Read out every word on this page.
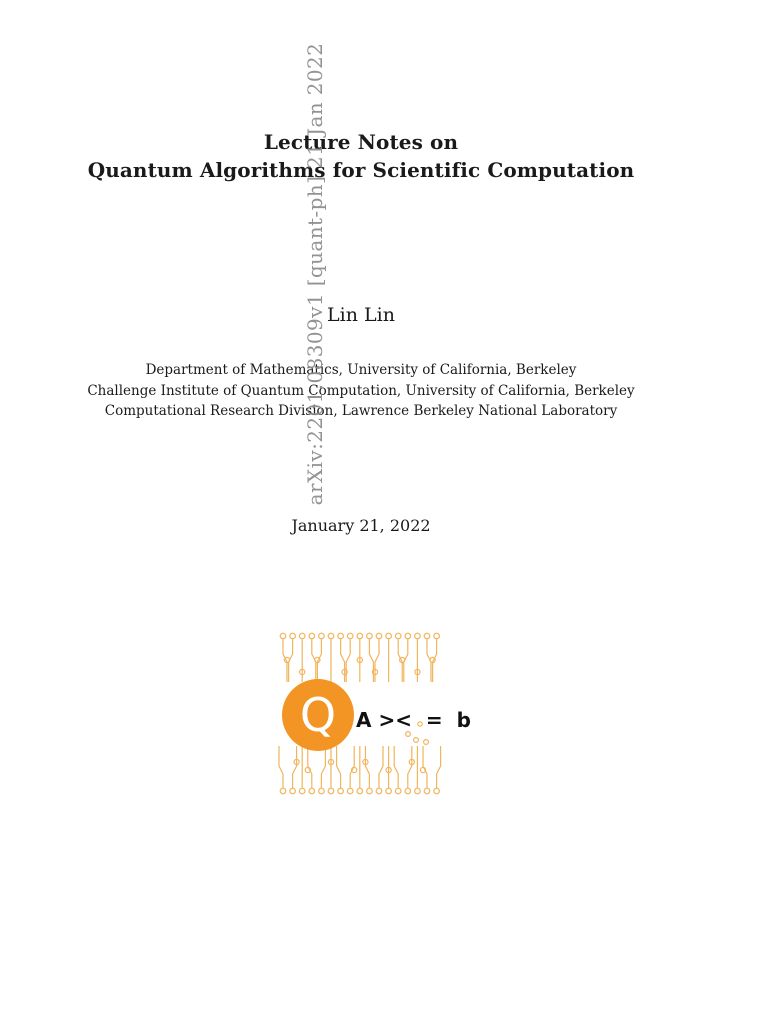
Lecture Notes on
Quantum Algorithms for Scientific Computation
Lin Lin
Department of Mathematics, University of California, Berkeley
Challenge Institute of Quantum Computation, University of California, Berkeley
Computational Research Division, Lawrence Berkeley National Laboratory
January 21, 2022
arXiv:2201.08309v1 [quant-ph] 21 Jan 2022
Q A ><  =  b
